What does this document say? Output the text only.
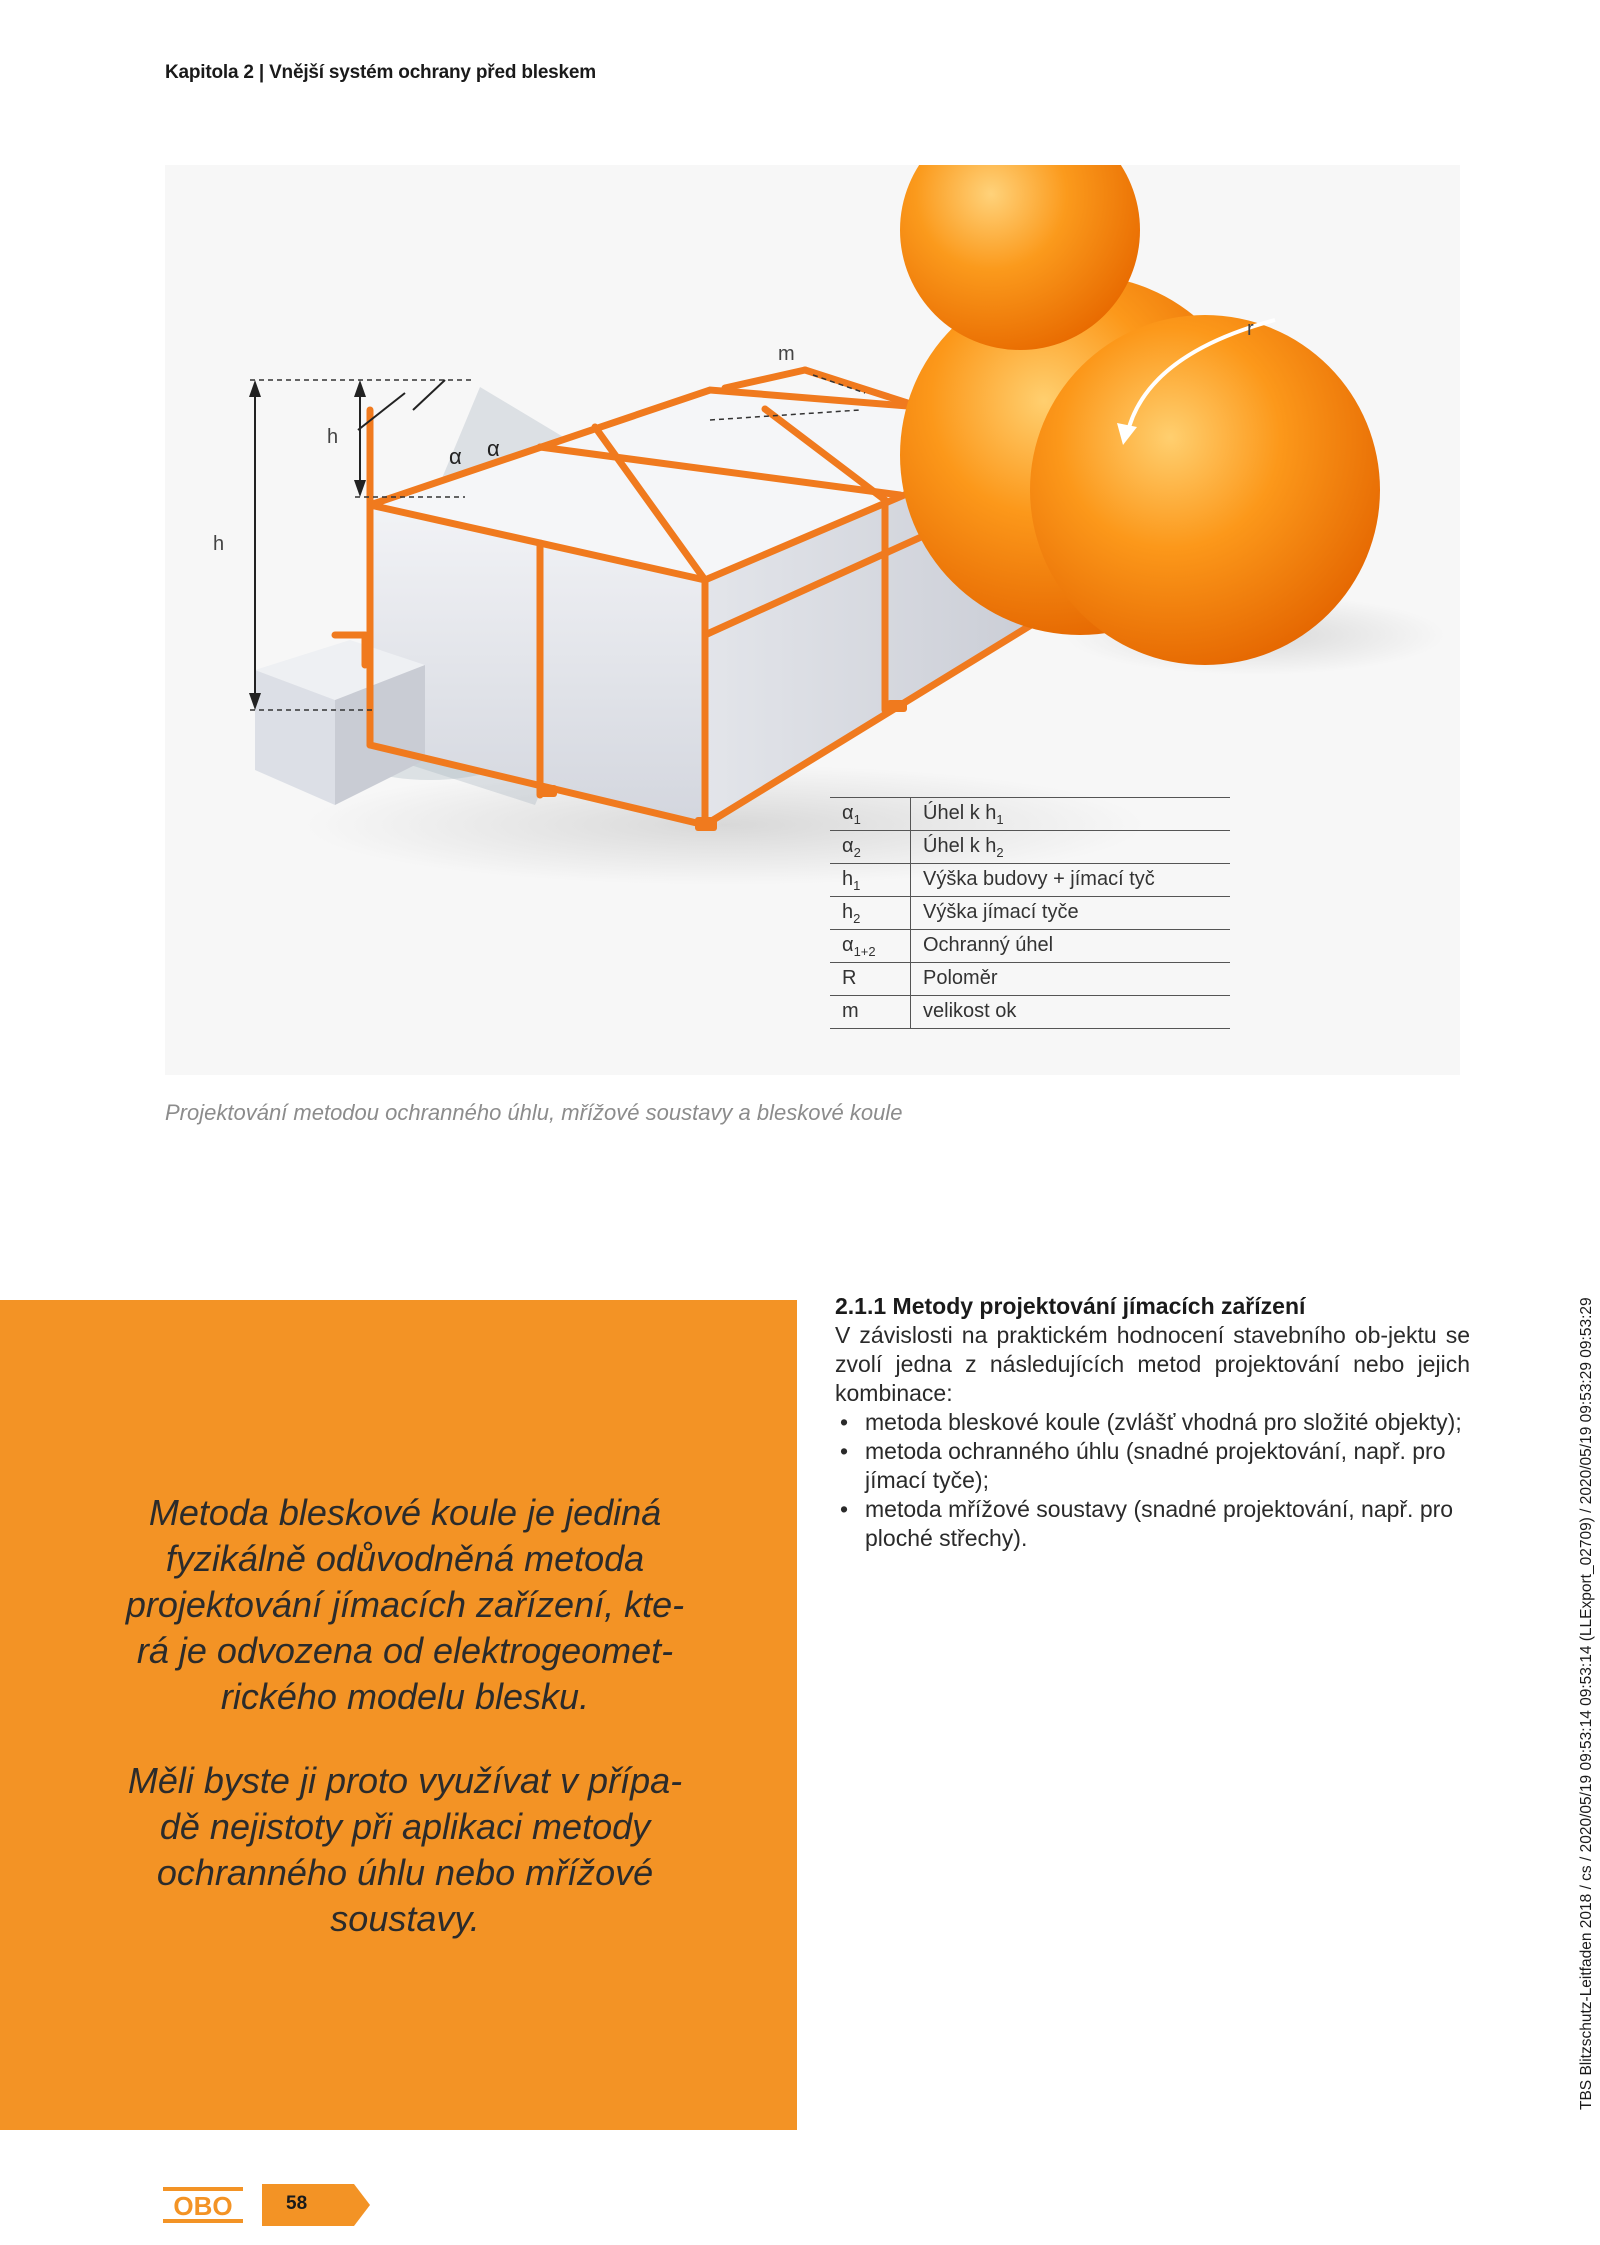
Kapitola 2 | Vnější systém ochrany před bleskem
m
r
h
h
α α
$\alpha_1$	Úhel k $h_1$
$\alpha_2$	Úhel k $h_2$
$h_1$	Výška budovy + jímací tyč
$h_2$	Výška jímací tyče
$\alpha_{1+2}$	Ochranný úhel
R	Poloměr
m	velikost ok
Projektování metodou ochranného úhlu, mřížové soustavy a bleskové koule
Metoda bleskové koule je jediná fyzikálně odůvodněná metoda projektování jímacích zařízení, kte-rá je odvozena od elektrogeomet-rického modelu blesku.
Měli byste ji proto využívat v přípa-dě nejistoty při aplikaci metody ochranného úhlu nebo mřížové soustavy.
2.1.1 Metody projektování jímacích zařízení

V závislosti na praktickém hodnocení stavebního ob-jektu se zvolí jedna z následujících metod projektování nebo jejich kombinace:

• metoda bleskové koule (zvlášť vhodná pro složité objekty);
• metoda ochranného úhlu (snadné projektování, např. pro jímací tyče);
• metoda mřížové soustavy (snadné projektování, např. pro ploché střechy).	TBS Blitzschutz-Leitfaden 2018 / cs / 2020/05/19 09:53:14 09:53:14 (LLExport_02709) / 2020/05/19 09:53:29 09:53:29
OBO	58
